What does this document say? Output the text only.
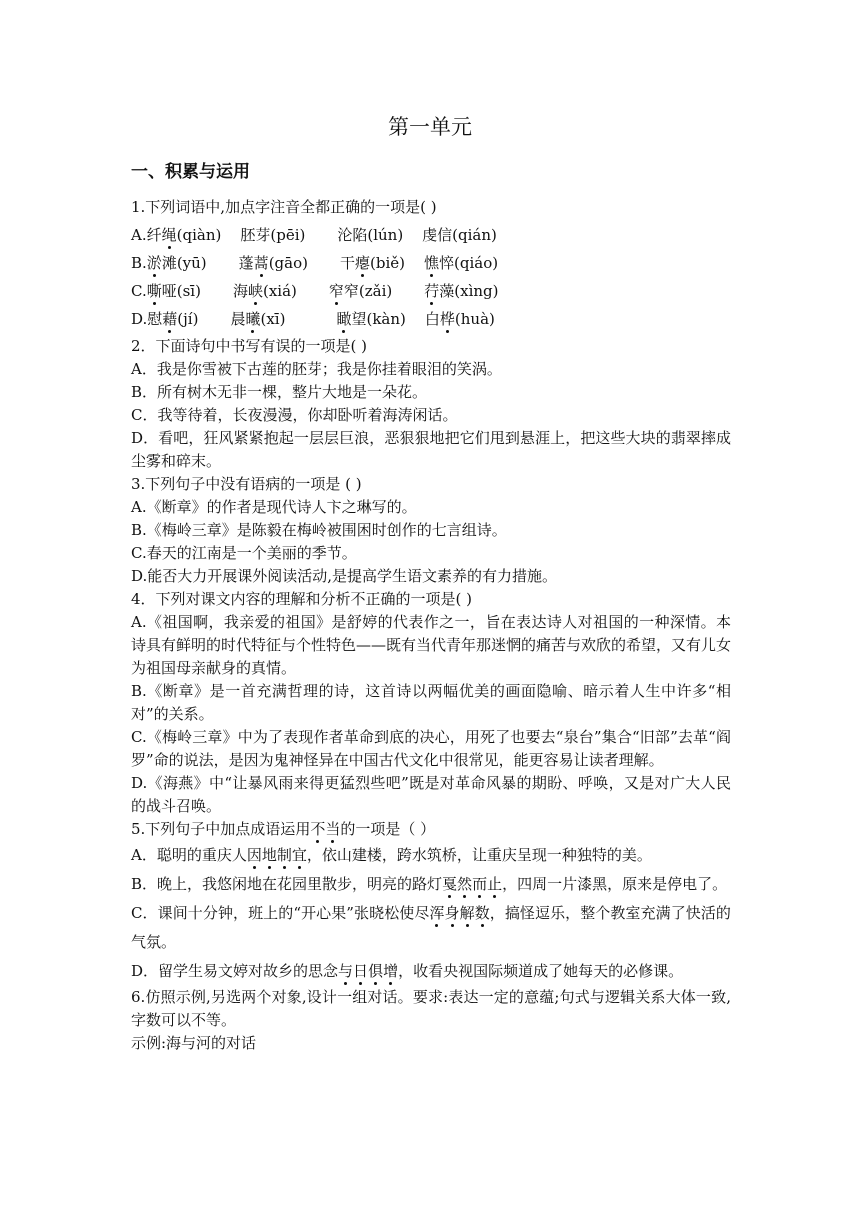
第一单元
一、积累与运用
1.下列词语中,加点字注音全都正确的一项是( )
A.纤绳(qiàn) 胚芽(pēi) 沦陷(lún) 虔信(qián)
B.淤滩(yū) 蓬蒿(gāo) 干瘪(biě) 憔悴(qiáo)
C.嘶哑(sī) 海峡(xiá) 窄窄(zǎi) 荇藻(xìng)
D.慰藉(jí) 晨曦(xī)	瞰望(kàn) 白桦(huà)
2．下面诗句中书写有误的一项是( )
A．我是你雪被下古莲的胚芽；我是你挂着眼泪的笑涡。
B．所有树木无非一棵，整片大地是一朵花。
C．我等待着，长夜漫漫，你却卧听着海涛闲话。
D．看吧，狂风紧紧抱起一层层巨浪，恶狠狠地把它们甩到悬涯上，把这些大块的翡翠摔成尘雾和碎末。
3.下列句子中没有语病的一项是 ( )
A.《断章》的作者是现代诗人卞之琳写的。
B.《梅岭三章》是陈毅在梅岭被围困时创作的七言组诗。
C.春天的江南是一个美丽的季节。
D.能否大力开展课外阅读活动,是提高学生语文素养的有力措施。
4．下列对课文内容的理解和分析不正确的一项是( )
A.《祖国啊，我亲爱的祖国》是舒婷的代表作之一，旨在表达诗人对祖国的一种深情。本诗具有鲜明的时代特征与个性特色——既有当代青年那迷惘的痛苦与欢欣的希望，又有儿女为祖国母亲献身的真情。
B.《断章》是一首充满哲理的诗，这首诗以两幅优美的画面隐喻、暗示着人生中许多“相对”的关系。
C.《梅岭三章》中为了表现作者革命到底的决心，用死了也要去“泉台”集合“旧部”去革“阎罗”命的说法，是因为鬼神怪异在中国古代文化中很常见，能更容易让读者理解。
D.《海燕》中“让暴风雨来得更猛烈些吧”既是对革命风暴的期盼、呼唤，又是对广大人民的战斗召唤。
5.下列句子中加点成语运用不当的一项是（ ）
A．聪明的重庆人因地制宜，依山建楼，跨水筑桥，让重庆呈现一种独特的美。
B．晚上，我悠闲地在花园里散步，明亮的路灯戛然而止，四周一片漆黑，原来是停电了。
C．课间十分钟，班上的“开心果”张晓松使尽浑身解数，搞怪逗乐，整个教室充满了快活的气氛。
D．留学生易文婷对故乡的思念与日俱增，收看央视国际频道成了她每天的必修课。
6.仿照示例,另选两个对象,设计一组对话。要求:表达一定的意蕴;句式与逻辑关系大体一致,字数可以不等。
示例:海与河的对话
